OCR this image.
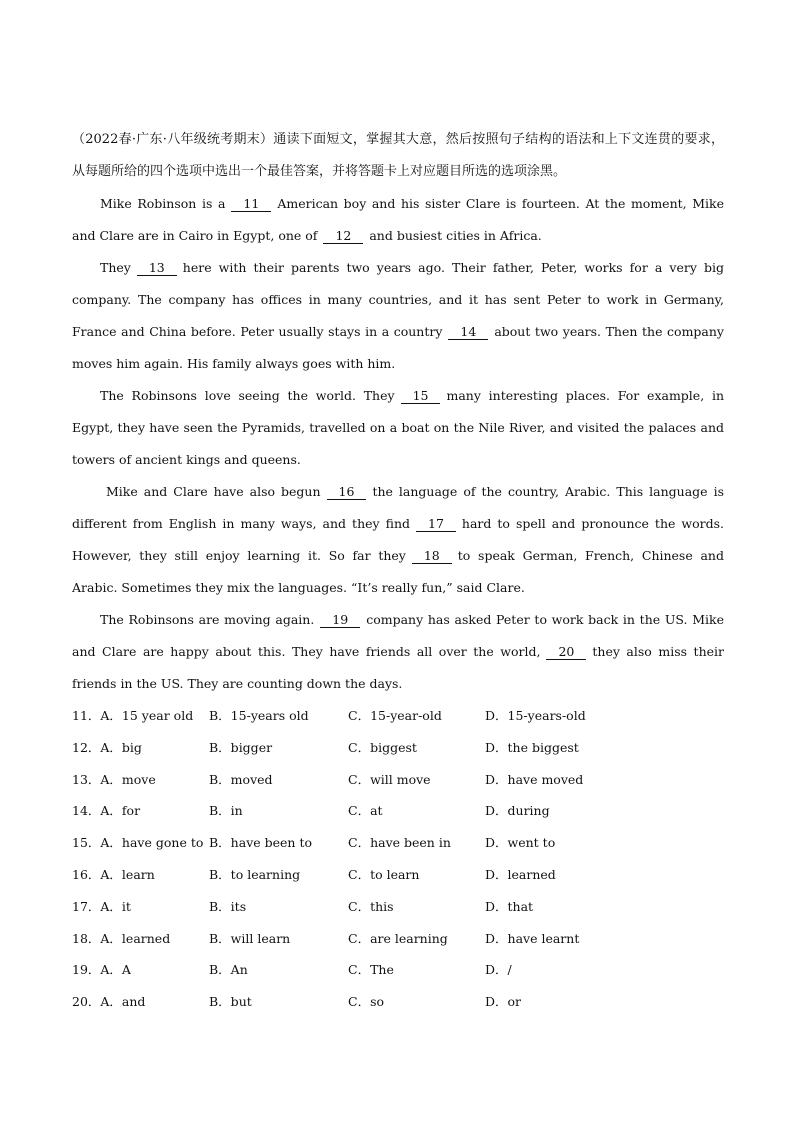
（2022春·广东·八年级统考期末）通读下面短文，掌握其大意，然后按照句子结构的语法和上下文连贯的要求，从每题所给的四个选项中选出一个最佳答案，并将答题卡上对应题目所选的选项涂黑。

Mike Robinson is a 11 American boy and his sister Clare is fourteen. At the moment, Mike and Clare are in Cairo in Egypt, one of 12 and busiest cities in Africa.

They 13 here with their parents two years ago. Their father, Peter, works for a very big company. The company has offices in many countries, and it has sent Peter to work in Germany, France and China before. Peter usually stays in a country 14 about two years. Then the company moves him again. His family always goes with him.

The Robinsons love seeing the world. They 15 many interesting places. For example, in Egypt, they have seen the Pyramids, travelled on a boat on the Nile River, and visited the palaces and towers of ancient kings and queens.

Mike and Clare have also begun 16 the language of the country, Arabic. This language is different from English in many ways, and they find 17 hard to spell and pronounce the words. However, they still enjoy learning it. So far they 18 to speak German, French, Chinese and Arabic. Sometimes they mix the languages. “It’s really fun,” said Clare.

The Robinsons are moving again. 19 company has asked Peter to work back in the US. Mike and Clare are happy about this. They have friends all over the world, 20 they also miss their friends in the US. They are counting down the days.

11．A．15 year old B．15-years old	C．15-year-old	D．15-years-old
12．A．big	B．bigger	C．biggest	D．the biggest
13．A．move	B．moved	C．will move	D．have moved
14．A．for	B．in	C．at	D．during
15．A．have gone to B．have been to	C．have been in	D．went to
16．A．learn	B．to learning	C．to learn	D．learned
17．A．it	B．its	C．this	D．that
18．A．learned	B．will learn	C．are learning	D．have learnt
19．A．A	B．An	C．The	D．/
20．A．and	B．but	C．so	D．or
